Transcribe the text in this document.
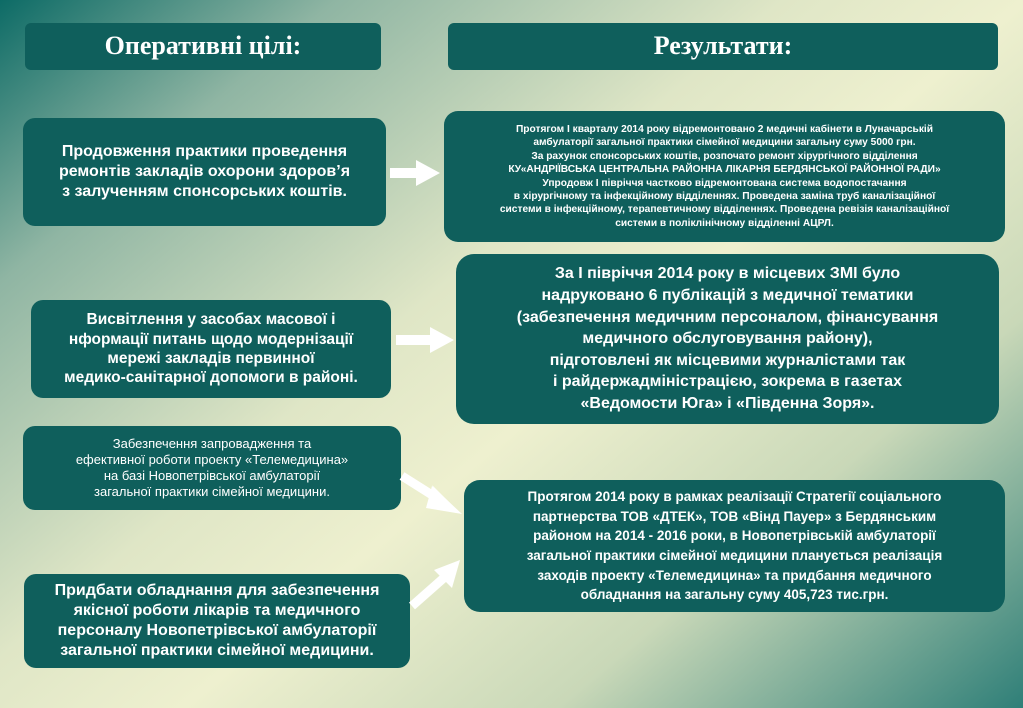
Оперативні цілі:	Результати:
Продовження практики проведення
ремонтів закладів охорони здоров’я
з залученням спонсорських коштів.
Висвітлення у засобах масової і
нформації питань щодо модернізації
мережі закладів первинної
медико-санітарної допомоги в районі.
Забезпечення запровадження та
ефективної роботи проекту «Телемедицина»
на базі Новопетрівської амбулаторії
загальної практики сімейної медицини.
Придбати обладнання для забезпечення
якісної роботи лікарів та медичного
персоналу Новопетрівської амбулаторії
загальної практики сімейної медицини.
Протягом І кварталу 2014 року відремонтовано 2 медичні кабінети в Луначарській
амбулаторії загальної практики сімейної медицини загальну суму 5000 грн.
За рахунок спонсорських коштів, розпочато ремонт хірургічного відділення
КУ«АНДРІЇВСЬКА ЦЕНТРАЛЬНА РАЙОННА ЛІКАРНЯ БЕРДЯНСЬКОЇ РАЙОННОЇ РАДИ»
Упродовж І півріччя частково відремонтована система водопостачання
в хірургічному та інфекційному відділеннях. Проведена заміна труб каналізаційної
системи в інфекційному, терапевтичному відділеннях. Проведена ревізія каналізаційної
системи в поліклінічному відділенні АЦРЛ.
За І півріччя 2014 року в місцевих ЗМІ було
надруковано 6 публікацій з медичної тематики
(забезпечення медичним персоналом, фінансування
медичного обслуговування району),
підготовлені як місцевими журналістами так
і райдержадміністрацією, зокрема в газетах
«Ведомости Юга» і «Південна Зоря».
Протягом 2014 року в рамках реалізації Стратегії соціального
партнерства ТОВ «ДТЕК», ТОВ «Вінд Пауер» з Бердянським
районом на 2014 - 2016 роки, в Новопетрівській амбулаторії
загальної практики сімейної медицини планується реалізація
заходів проекту «Телемедицина» та придбання медичного
обладнання на загальну суму 405,723 тис.грн.
